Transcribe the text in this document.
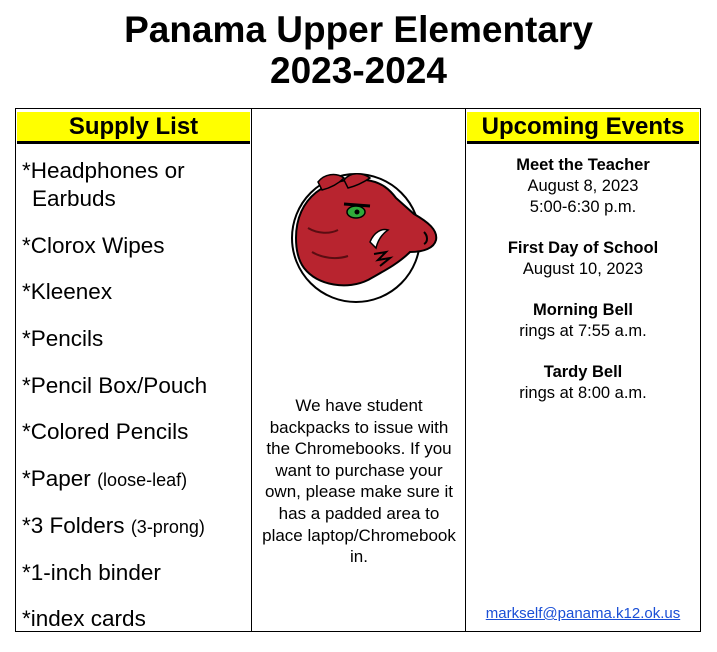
Panama Upper Elementary
2023-2024
Supply List	Upcoming Events
*Headphones or
Earbuds
*Clorox Wipes
*Kleenex
*Pencils
*Pencil Box/Pouch
*Colored Pencils
*Paper (loose-leaf)
*3 Folders (3-prong)
*1-inch binder
*index cards
We have student backpacks to issue with the Chromebooks. If you want to purchase your own, please make sure it has a padded area to place laptop/Chromebook in.
Meet the Teacher
August 8, 2023
5:00-6:30 p.m.
First Day of School
August 10, 2023
Morning Bell
rings at 7:55 a.m.
Tardy Bell
rings at 8:00 a.m.
markself@panama.k12.ok.us
